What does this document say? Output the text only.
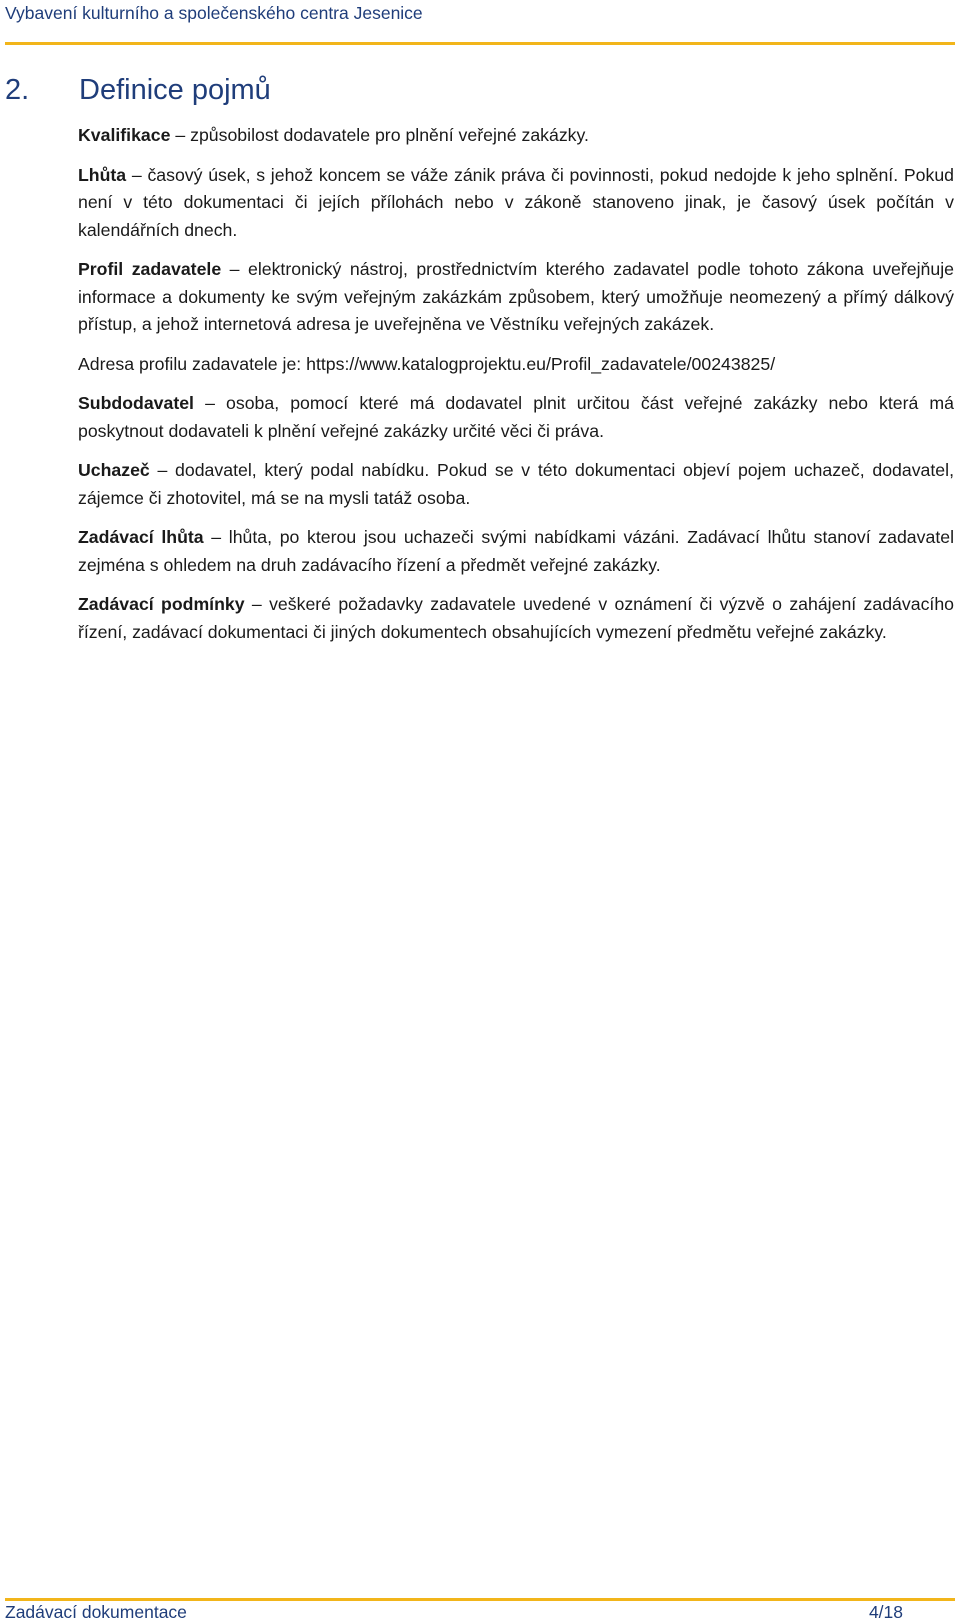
Vybavení kulturního a společenského centra Jesenice
2. Definice pojmů

Kvalifikace – způsobilost dodavatele pro plnění veřejné zakázky.

Lhůta – časový úsek, s jehož koncem se váže zánik práva či povinnosti, pokud nedojde k jeho splnění. Pokud není v této dokumentaci či jejích přílohách nebo v zákoně stanoveno jinak, je časový úsek počítán v kalendářních dnech.

Profil zadavatele – elektronický nástroj, prostřednictvím kterého zadavatel podle tohoto zákona uveřejňuje informace a dokumenty ke svým veřejným zakázkám způsobem, který umožňuje neomezený a přímý dálkový přístup, a jehož internetová adresa je uveřejněna ve Věstníku veřejných zakázek.

Adresa profilu zadavatele je: https://www.katalogprojektu.eu/Profil_zadavatele/00243825/

Subdodavatel – osoba, pomocí které má dodavatel plnit určitou část veřejné zakázky nebo která má poskytnout dodavateli k plnění veřejné zakázky určité věci či práva.

Uchazeč – dodavatel, který podal nabídku. Pokud se v této dokumentaci objeví pojem uchazeč, dodavatel, zájemce či zhotovitel, má se na mysli tatáž osoba.

Zadávací lhůta – lhůta, po kterou jsou uchazeči svými nabídkami vázáni. Zadávací lhůtu stanoví zadavatel zejména s ohledem na druh zadávacího řízení a předmět veřejné zakázky.

Zadávací podmínky – veškeré požadavky zadavatele uvedené v oznámení či výzvě o zahájení zadávacího řízení, zadávací dokumentaci či jiných dokumentech obsahujících vymezení předmětu veřejné zakázky.

Zadávací dokumentace	4/18
